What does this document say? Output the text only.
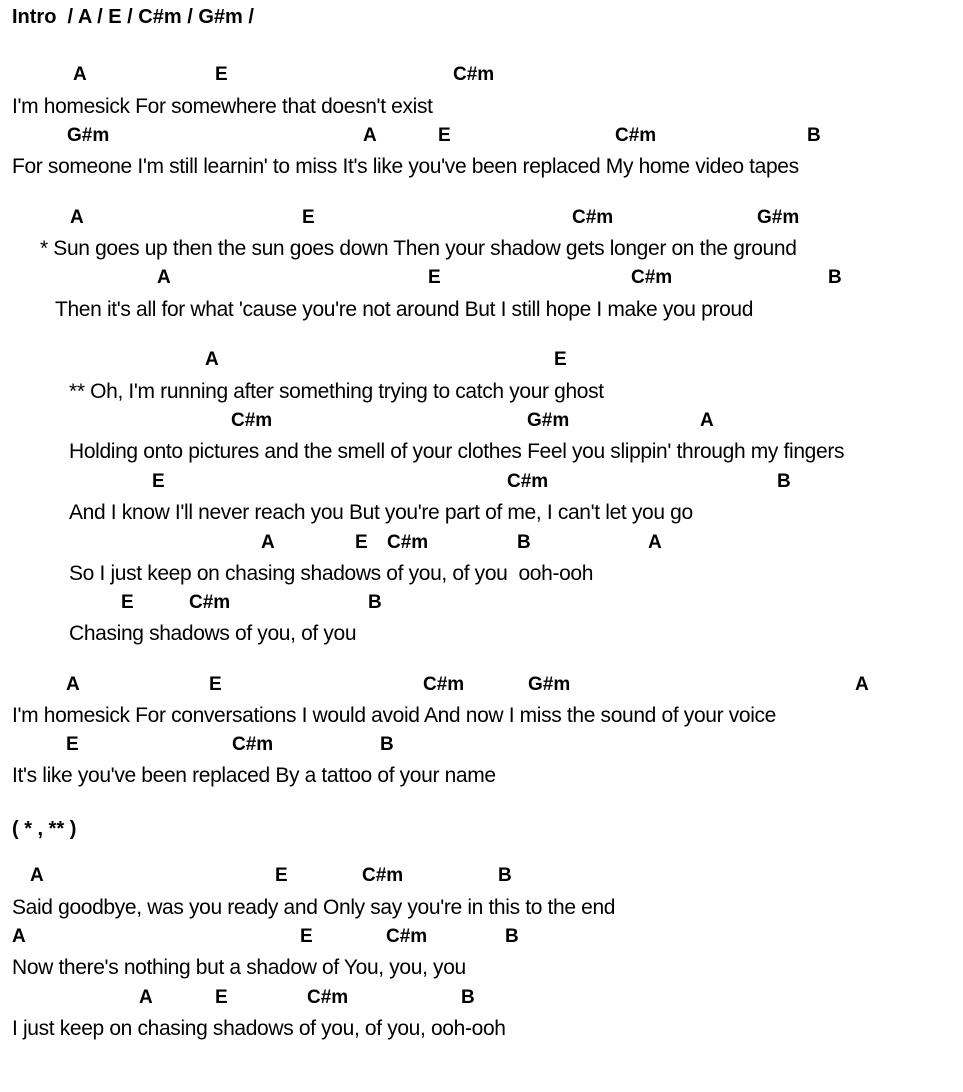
Intro  / A / E / C#m / G#m /
A	E	C#m
I'm homesick For somewhere that doesn't exist
G#m	A	E	C#m	B
For someone I'm still learnin' to miss It's like you've been replaced My home video tapes
A	E	C#m	G#m
* Sun goes up then the sun goes down Then your shadow gets longer on the ground
A	E	C#m	B
Then it's all for what 'cause you're not around But I still hope I make you proud
A	E
** Oh, I'm running after something trying to catch your ghost
C#m	G#m	A
Holding onto pictures and the smell of your clothes Feel you slippin' through my fingers
E	C#m	B
And I know I'll never reach you But you're part of me, I can't let you go
A	E C#m	B	A
So I just keep on chasing shadows of you, of you  ooh-ooh
E	C#m	B
Chasing shadows of you, of you
A	E	C#m	G#m	A
I'm homesick For conversations I would avoid And now I miss the sound of your voice
E	C#m	B
It's like you've been replaced By a tattoo of your name
( * , ** )
A	E	C#m	B
Said goodbye, was you ready and Only say you're in this to the end
A	E	C#m	B
Now there's nothing but a shadow of You, you, you
A	E	C#m	B
I just keep on chasing shadows of you, of you, ooh-ooh
